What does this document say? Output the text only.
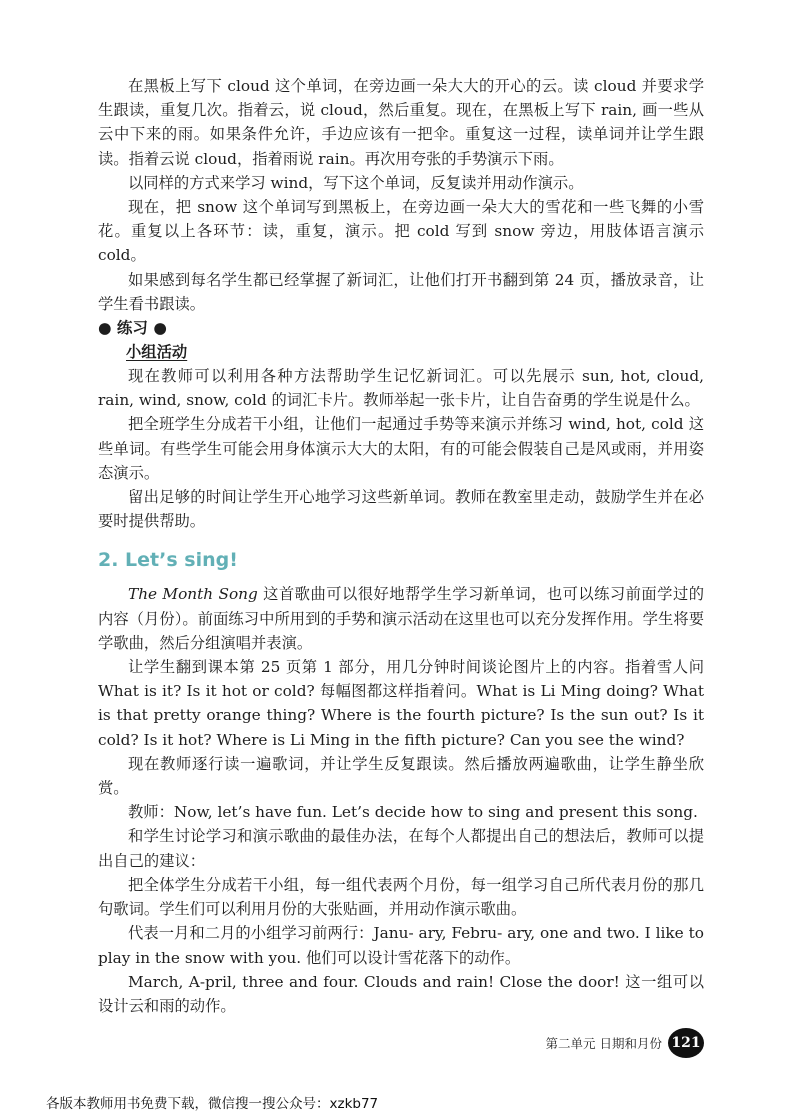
在黑板上写下 cloud 这个单词，在旁边画一朵大大的开心的云。读 cloud 并要求学生跟读，重复几次。指着云，说 cloud，然后重复。现在，在黑板上写下 rain, 画一些从云中下来的雨。如果条件允许，手边应该有一把伞。重复这一过程，读单词并让学生跟读。指着云说 cloud，指着雨说 rain。再次用夸张的手势演示下雨。

以同样的方式来学习 wind，写下这个单词，反复读并用动作演示。

现在，把 snow 这个单词写到黑板上，在旁边画一朵大大的雪花和一些飞舞的小雪花。重复以上各环节：读，重复，演示。把 cold 写到 snow 旁边，用肢体语言演示 cold。

如果感到每名学生都已经掌握了新词汇，让他们打开书翻到第 24 页，播放录音，让学生看书跟读。

● 练习 ●
小组活动

现在教师可以利用各种方法帮助学生记忆新词汇。可以先展示 sun, hot, cloud, rain, wind, snow, cold 的词汇卡片。教师举起一张卡片，让自告奋勇的学生说是什么。

把全班学生分成若干小组，让他们一起通过手势等来演示并练习 wind, hot, cold 这些单词。有些学生可能会用身体演示大大的太阳，有的可能会假装自己是风或雨，并用姿态演示。

留出足够的时间让学生开心地学习这些新单词。教师在教室里走动，鼓励学生并在必要时提供帮助。

2. Let’s sing!

The Month Song 这首歌曲可以很好地帮学生学习新单词，也可以练习前面学过的内容（月份）。前面练习中所用到的手势和演示活动在这里也可以充分发挥作用。学生将要学歌曲，然后分组演唱并表演。

让学生翻到课本第 25 页第 1 部分，用几分钟时间谈论图片上的内容。指着雪人问 What is it? Is it hot or cold? 每幅图都这样指着问。What is Li Ming doing? What is that pretty orange thing? Where is the fourth picture? Is the sun out? Is it cold? Is it hot? Where is Li Ming in the fifth picture? Can you see the wind?

现在教师逐行读一遍歌词，并让学生反复跟读。然后播放两遍歌曲，让学生静坐欣赏。

教师：Now, let’s have fun. Let’s decide how to sing and present this song.

和学生讨论学习和演示歌曲的最佳办法，在每个人都提出自己的想法后，教师可以提出自己的建议：

把全体学生分成若干小组，每一组代表两个月份，每一组学习自己所代表月份的那几句歌词。学生们可以利用月份的大张贴画，并用动作演示歌曲。

代表一月和二月的小组学习前两行：Janu- ary, Febru- ary, one and two. I like to play in the snow with you. 他们可以设计雪花落下的动作。

March, A-pril, three and four. Clouds and rain! Close the door! 这一组可以设计云和雨的动作。

第二单元 日期和月份 121
各版本教师用书免费下载，微信搜一搜公众号：xzkb77
